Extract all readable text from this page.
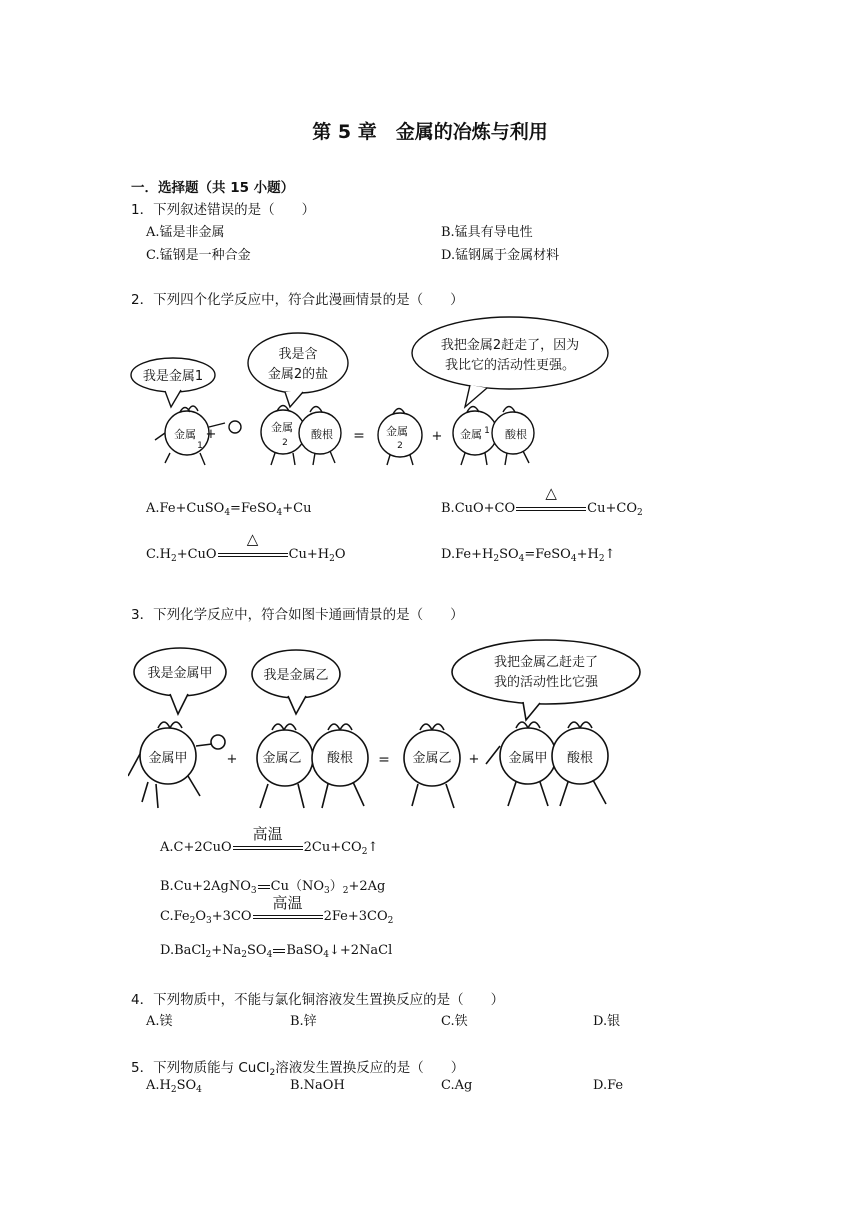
第 5 章　金属的冶炼与利用
一．选择题（共 15 小题）
1．下列叙述错误的是（　　）
A.锰是非金属	B.锰具有导电性
C.锰钢是一种合金	D.锰钢属于金属材料
2．下列四个化学反应中，符合此漫画情景的是（　　）
我是金属1
我是含
金属2的盐
我把金属2赶走了，因为
我比它的活动性更强。
金属
1
金属
2
酸根	金属
2
金属 1 酸根
+	=	+
A.Fe+CuSO$_4$=FeSO$_4$+Cu	B.CuO+CO
△
$Cu+CO_2$
$C.H_2+CuO$
△
$Cu+H_2O$	$D.Fe+H_2SO_4=FeSO_4+H_2↑$
3．下列化学反应中，符合如图卡通画情景的是（　　）
我是金属甲	我是金属乙
我把金属乙赶走了
我的活动性比它强
金属甲	金属乙 酸根	金属乙	金属甲 酸根
+	=	+
A.C+2CuO
高温
$2Cu+CO_2↑$
B.Cu+2AgNO$_3$ $Cu(NO_3)_2+2Ag$
$C.Fe_2O_3+3CO$
高温
$2Fe+3CO_2$
$D.BaCl_2+Na_2SO_4$ BaSO$_4$↓+2NaCl
4．下列物质中，不能与氯化铜溶液发生置换反应的是（　　）
A.镁	B.锌	C.铁	D.银
5．下列物质能与 CuCl$_2$溶液发生置换反应的是（　　）
$A.H_2SO_4$	B.NaOH	C.Ag	D.Fe
